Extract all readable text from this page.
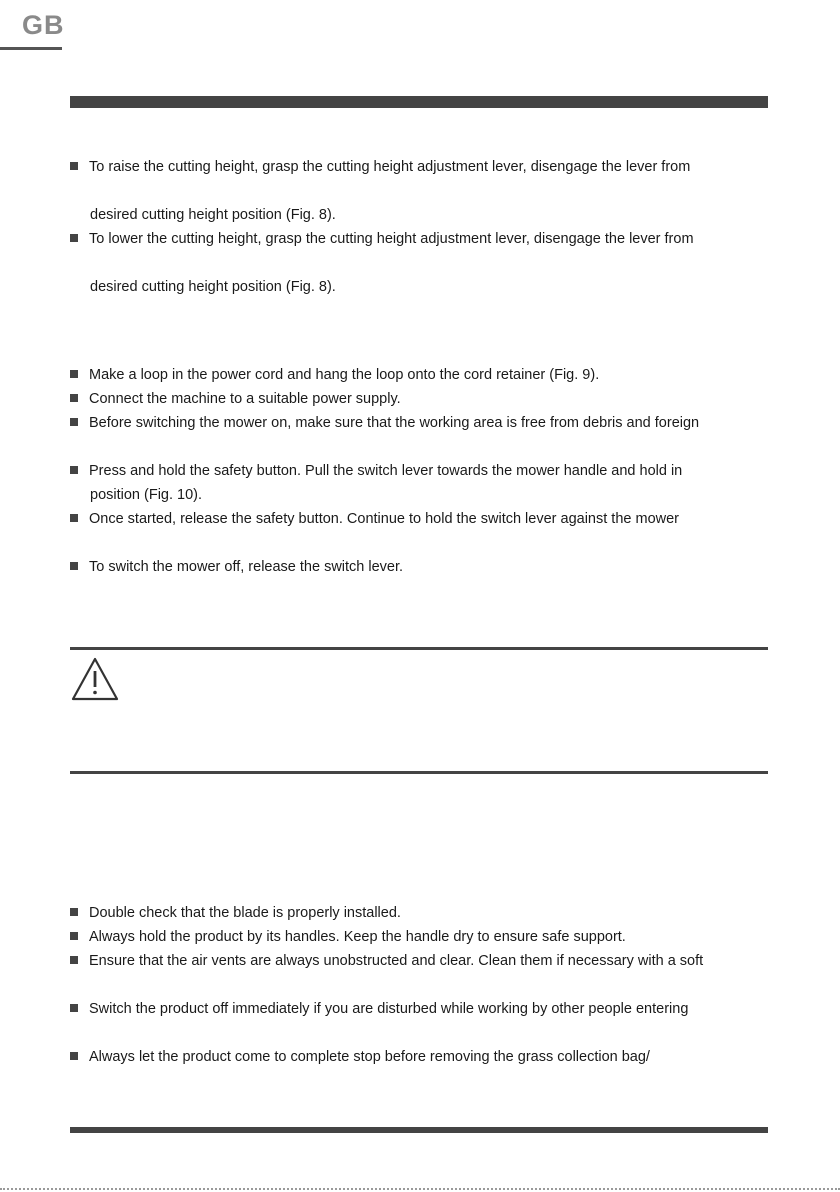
GB
To raise the cutting height, grasp the cutting height adjustment lever, disengage the lever from
desired cutting height position (Fig. 8).
To lower the cutting height, grasp the cutting height adjustment lever, disengage the lever from
desired cutting height position (Fig. 8).
Make a loop in the power cord and hang the loop onto the cord retainer (Fig. 9).
Connect the machine to a suitable power supply.
Before switching the mower on, make sure that the working area is free from debris and foreign
Press and hold the safety button. Pull the switch lever towards the mower handle and hold in
position (Fig. 10).
Once started, release the safety button. Continue to hold the switch lever against the mower
To switch the mower off, release the switch lever.
Double check that the blade is properly installed.
Always hold the product by its handles. Keep the handle dry to ensure safe support.
Ensure that the air vents are always unobstructed and clear. Clean them if necessary with a soft
Switch the product off immediately if you are disturbed while working by other people entering
Always let the product come to complete stop before removing the grass collection bag/
